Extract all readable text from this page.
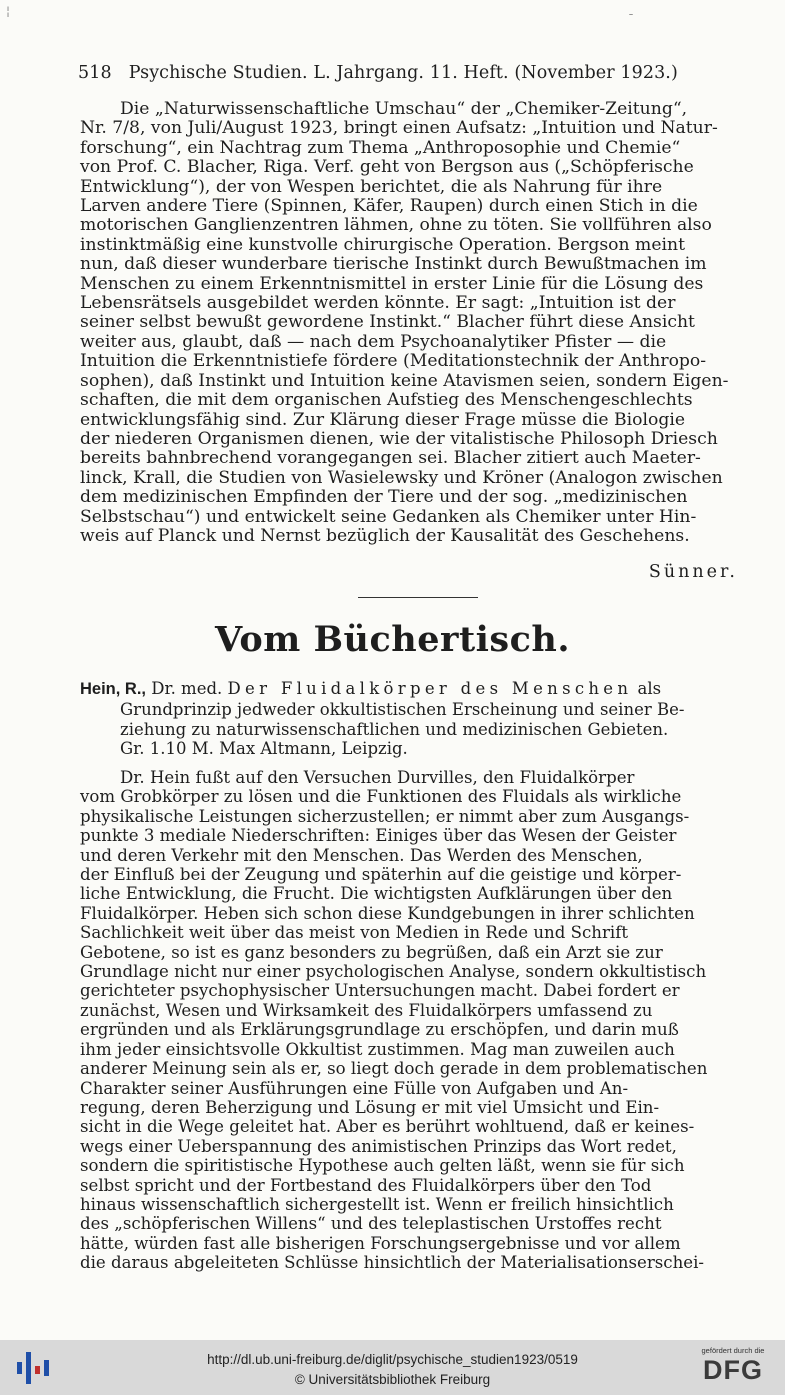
¦
ˉ
518 Psychische Studien. L. Jahrgang. 11. Heft. (November 1923.)
Die „Naturwissenschaftliche Umschau“ der „Chemiker-Zeitung“,
Nr. 7/8, von Juli/August 1923, bringt einen Aufsatz: „Intuition und Natur-
forschung“, ein Nachtrag zum Thema „Anthroposophie und Chemie“
von Prof. C. Blacher, Riga. Verf. geht von Bergson aus („Schöpferische
Entwicklung“), der von Wespen berichtet, die als Nahrung für ihre
Larven andere Tiere (Spinnen, Käfer, Raupen) durch einen Stich in die
motorischen Ganglienzentren lähmen, ohne zu töten. Sie vollführen also
instinktmäßig eine kunstvolle chirurgische Operation. Bergson meint
nun, daß dieser wunderbare tierische Instinkt durch Bewußtmachen im
Menschen zu einem Erkenntnismittel in erster Linie für die Lösung des
Lebensrätsels ausgebildet werden könnte. Er sagt: „Intuition ist der
seiner selbst bewußt gewordene Instinkt.“ Blacher führt diese Ansicht
weiter aus, glaubt, daß — nach dem Psychoanalytiker Pfister — die
Intuition die Erkenntnistiefe fördere (Meditationstechnik der Anthropo-
sophen), daß Instinkt und Intuition keine Atavismen seien, sondern Eigen-
schaften, die mit dem organischen Aufstieg des Menschengeschlechts
entwicklungsfähig sind. Zur Klärung dieser Frage müsse die Biologie
der niederen Organismen dienen, wie der vitalistische Philosoph Driesch
bereits bahnbrechend vorangegangen sei. Blacher zitiert auch Maeter-
linck, Krall, die Studien von Wasielewsky und Kröner (Analogon zwischen
dem medizinischen Empfinden der Tiere und der sog. „medizinischen
Selbstschau“) und entwickelt seine Gedanken als Chemiker unter Hin-
weis auf Planck und Nernst bezüglich der Kausalität des Geschehens.
Sünner.
Vom Büchertisch.
Hein, R., Dr. med. Der Fluidalkörper des Menschen als
Grundprinzip jedweder okkultistischen Erscheinung und seiner Be-
ziehung zu naturwissenschaftlichen und medizinischen Gebieten.
Gr. 1.10 M. Max Altmann, Leipzig.
Dr. Hein fußt auf den Versuchen Durvilles, den Fluidalkörper
vom Grobkörper zu lösen und die Funktionen des Fluidals als wirkliche
physikalische Leistungen sicherzustellen; er nimmt aber zum Ausgangs-
punkte 3 mediale Niederschriften: Einiges über das Wesen der Geister
und deren Verkehr mit den Menschen. Das Werden des Menschen,
der Einfluß bei der Zeugung und späterhin auf die geistige und körper-
liche Entwicklung, die Frucht. Die wichtigsten Aufklärungen über den
Fluidalkörper. Heben sich schon diese Kundgebungen in ihrer schlichten
Sachlichkeit weit über das meist von Medien in Rede und Schrift
Gebotene, so ist es ganz besonders zu begrüßen, daß ein Arzt sie zur
Grundlage nicht nur einer psychologischen Analyse, sondern okkultistisch
gerichteter psychophysischer Untersuchungen macht. Dabei fordert er
zunächst, Wesen und Wirksamkeit des Fluidalkörpers umfassend zu
ergründen und als Erklärungsgrundlage zu erschöpfen, und darin muß
ihm jeder einsichtsvolle Okkultist zustimmen. Mag man zuweilen auch
anderer Meinung sein als er, so liegt doch gerade in dem problematischen
Charakter seiner Ausführungen eine Fülle von Aufgaben und An-
regung, deren Beherzigung und Lösung er mit viel Umsicht und Ein-
sicht in die Wege geleitet hat. Aber es berührt wohltuend, daß er keines-
wegs einer Ueberspannung des animistischen Prinzips das Wort redet,
sondern die spiritistische Hypothese auch gelten läßt, wenn sie für sich
selbst spricht und der Fortbestand des Fluidalkörpers über den Tod
hinaus wissenschaftlich sichergestellt ist. Wenn er freilich hinsichtlich
des „schöpferischen Willens“ und des teleplastischen Urstoffes recht
hätte, würden fast alle bisherigen Forschungsergebnisse und vor allem
die daraus abgeleiteten Schlüsse hinsichtlich der Materialisationserschei-
http://dl.ub.uni-freiburg.de/diglit/psychische_studien1923/0519
© Universitätsbibliothek Freiburg
gefördert durch die
DFG
